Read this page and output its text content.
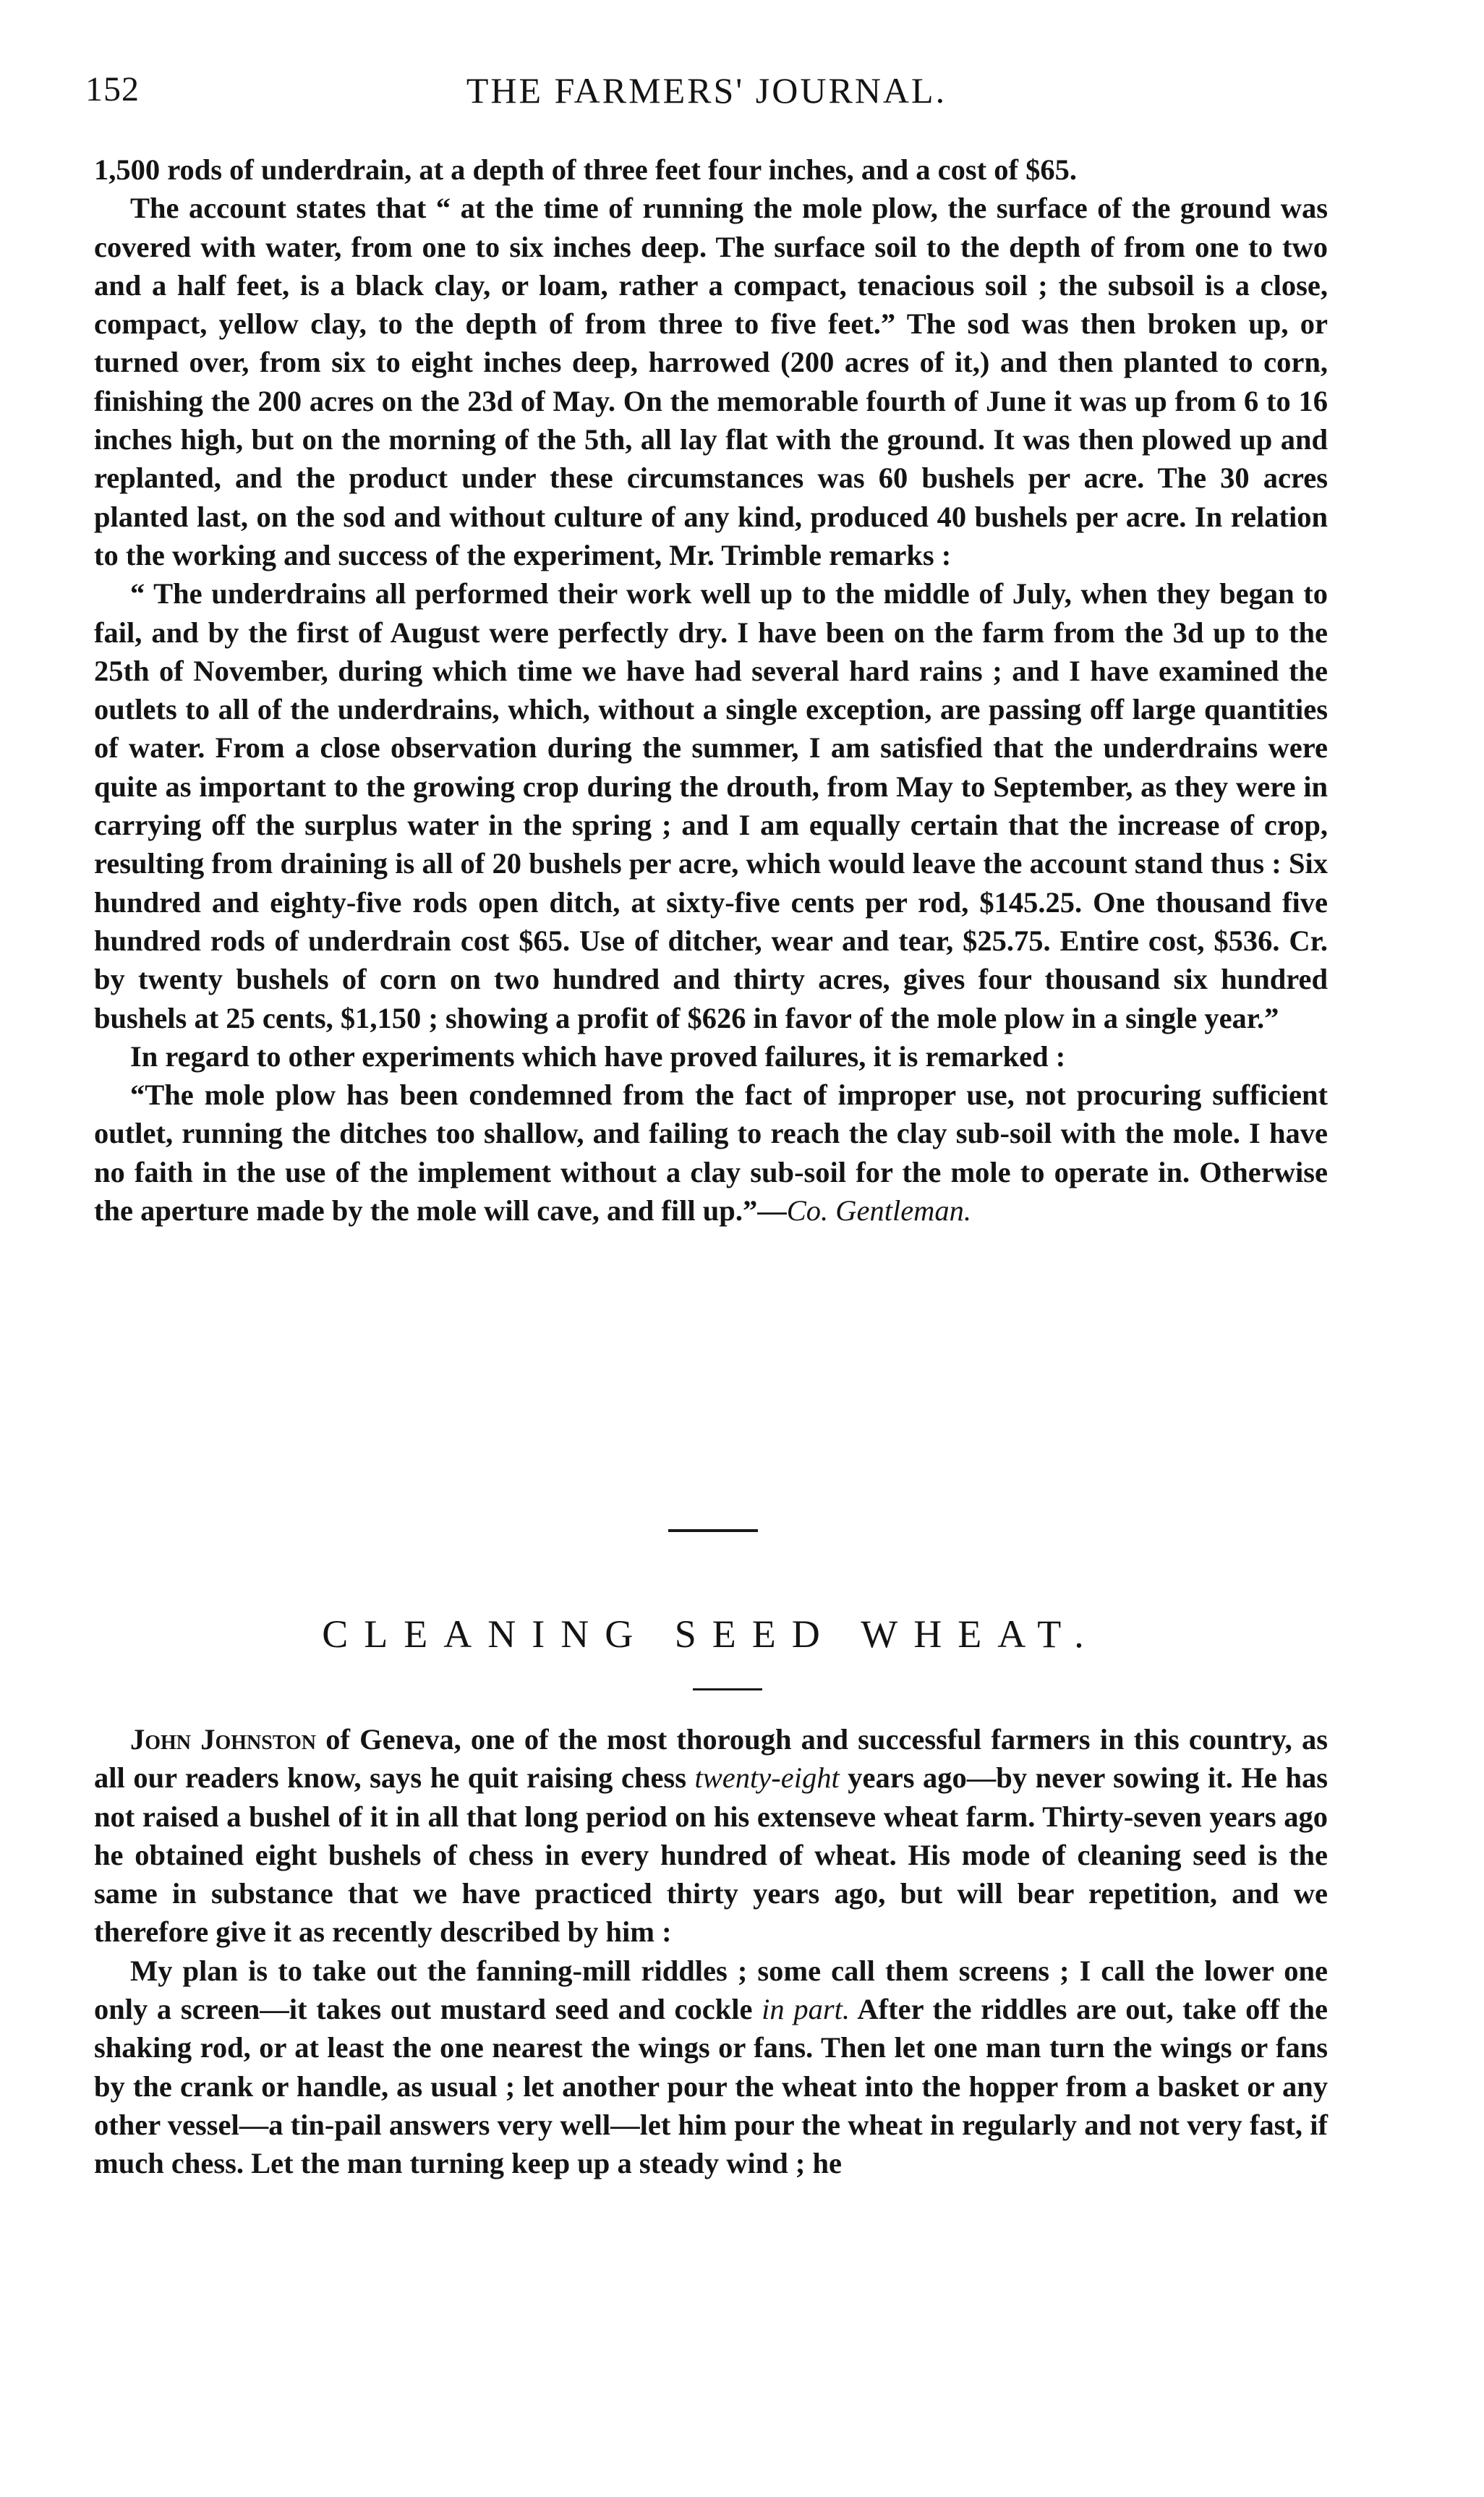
152	THE FARMERS' JOURNAL.

1,500 rods of underdrain, at a depth of three feet four inches, and a cost of $65.

The account states that “ at the time of running the mole plow, the surface of the ground was covered with water, from one to six inches deep. The surface soil to the depth of from one to two and a half feet, is a black clay, or loam, rather a compact, tenacious soil ; the subsoil is a close, compact, yellow clay, to the depth of from three to five feet.” The sod was then broken up, or turned over, from six to eight inches deep, harrowed (200 acres of it,) and then planted to corn, finishing the 200 acres on the 23d of May. On the memorable fourth of June it was up from 6 to 16 inches high, but on the morning of the 5th, all lay flat with the ground. It was then plowed up and replanted, and the product under these circumstances was 60 bushels per acre. The 30 acres planted last, on the sod and without culture of any kind, produced 40 bushels per acre. In relation to the working and success of the experiment, Mr. Trimble remarks :

“ The underdrains all performed their work well up to the middle of July, when they began to fail, and by the first of August were perfectly dry. I have been on the farm from the 3d up to the 25th of November, during which time we have had several hard rains ; and I have examined the outlets to all of the underdrains, which, without a single exception, are passing off large quantities of water. From a close observation during the summer, I am satisfied that the underdrains were quite as important to the growing crop during the drouth, from May to September, as they were in carrying off the surplus water in the spring ; and I am equally certain that the increase of crop, resulting from draining is all of 20 bushels per acre, which would leave the account stand thus : Six hundred and eighty-five rods open ditch, at sixty-five cents per rod, $145.25. One thousand five hundred rods of underdrain cost $65. Use of ditcher, wear and tear, $25.75. Entire cost, $536. Cr. by twenty bushels of corn on two hundred and thirty acres, gives four thousand six hundred bushels at 25 cents, $1,150 ; showing a profit of $626 in favor of the mole plow in a single year.”

In regard to other experiments which have proved failures, it is remarked :

“The mole plow has been condemned from the fact of improper use, not procuring sufficient outlet, running the ditches too shallow, and failing to reach the clay sub-soil with the mole. I have no faith in the use of the implement without a clay sub-soil for the mole to operate in. Otherwise the aperture made by the mole will cave, and fill up.”—Co. Gentleman.

CLEANING SEED WHEAT.

John Johnston of Geneva, one of the most thorough and successful farmers in this country, as all our readers know, says he quit raising chess twenty-eight years ago—by never sowing it. He has not raised a bushel of it in all that long period on his extenseve wheat farm. Thirty-seven years ago he obtained eight bushels of chess in every hundred of wheat. His mode of cleaning seed is the same in substance that we have practiced thirty years ago, but will bear repetition, and we therefore give it as recently described by him :

My plan is to take out the fanning-mill riddles ; some call them screens ; I call the lower one only a screen—it takes out mustard seed and cockle in part. After the riddles are out, take off the shaking rod, or at least the one nearest the wings or fans. Then let one man turn the wings or fans by the crank or handle, as usual ; let another pour the wheat into the hopper from a basket or any other vessel—a tin-pail answers very well—let him pour the wheat in regularly and not very fast, if much chess. Let the man turning keep up a steady wind ; he
